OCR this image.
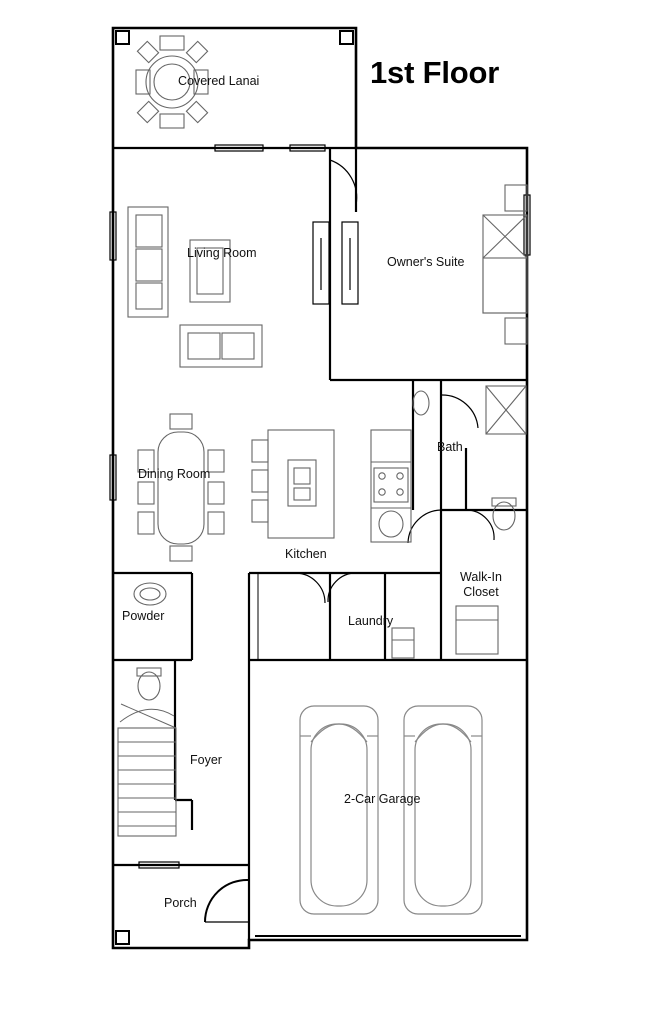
1st Floor
Covered Lanai
Living Room
Owner's Suite
Dining Room
Kitchen
Bath
Walk-In
Closet
Laundry
Powder
Foyer
2-Car Garage
Porch
